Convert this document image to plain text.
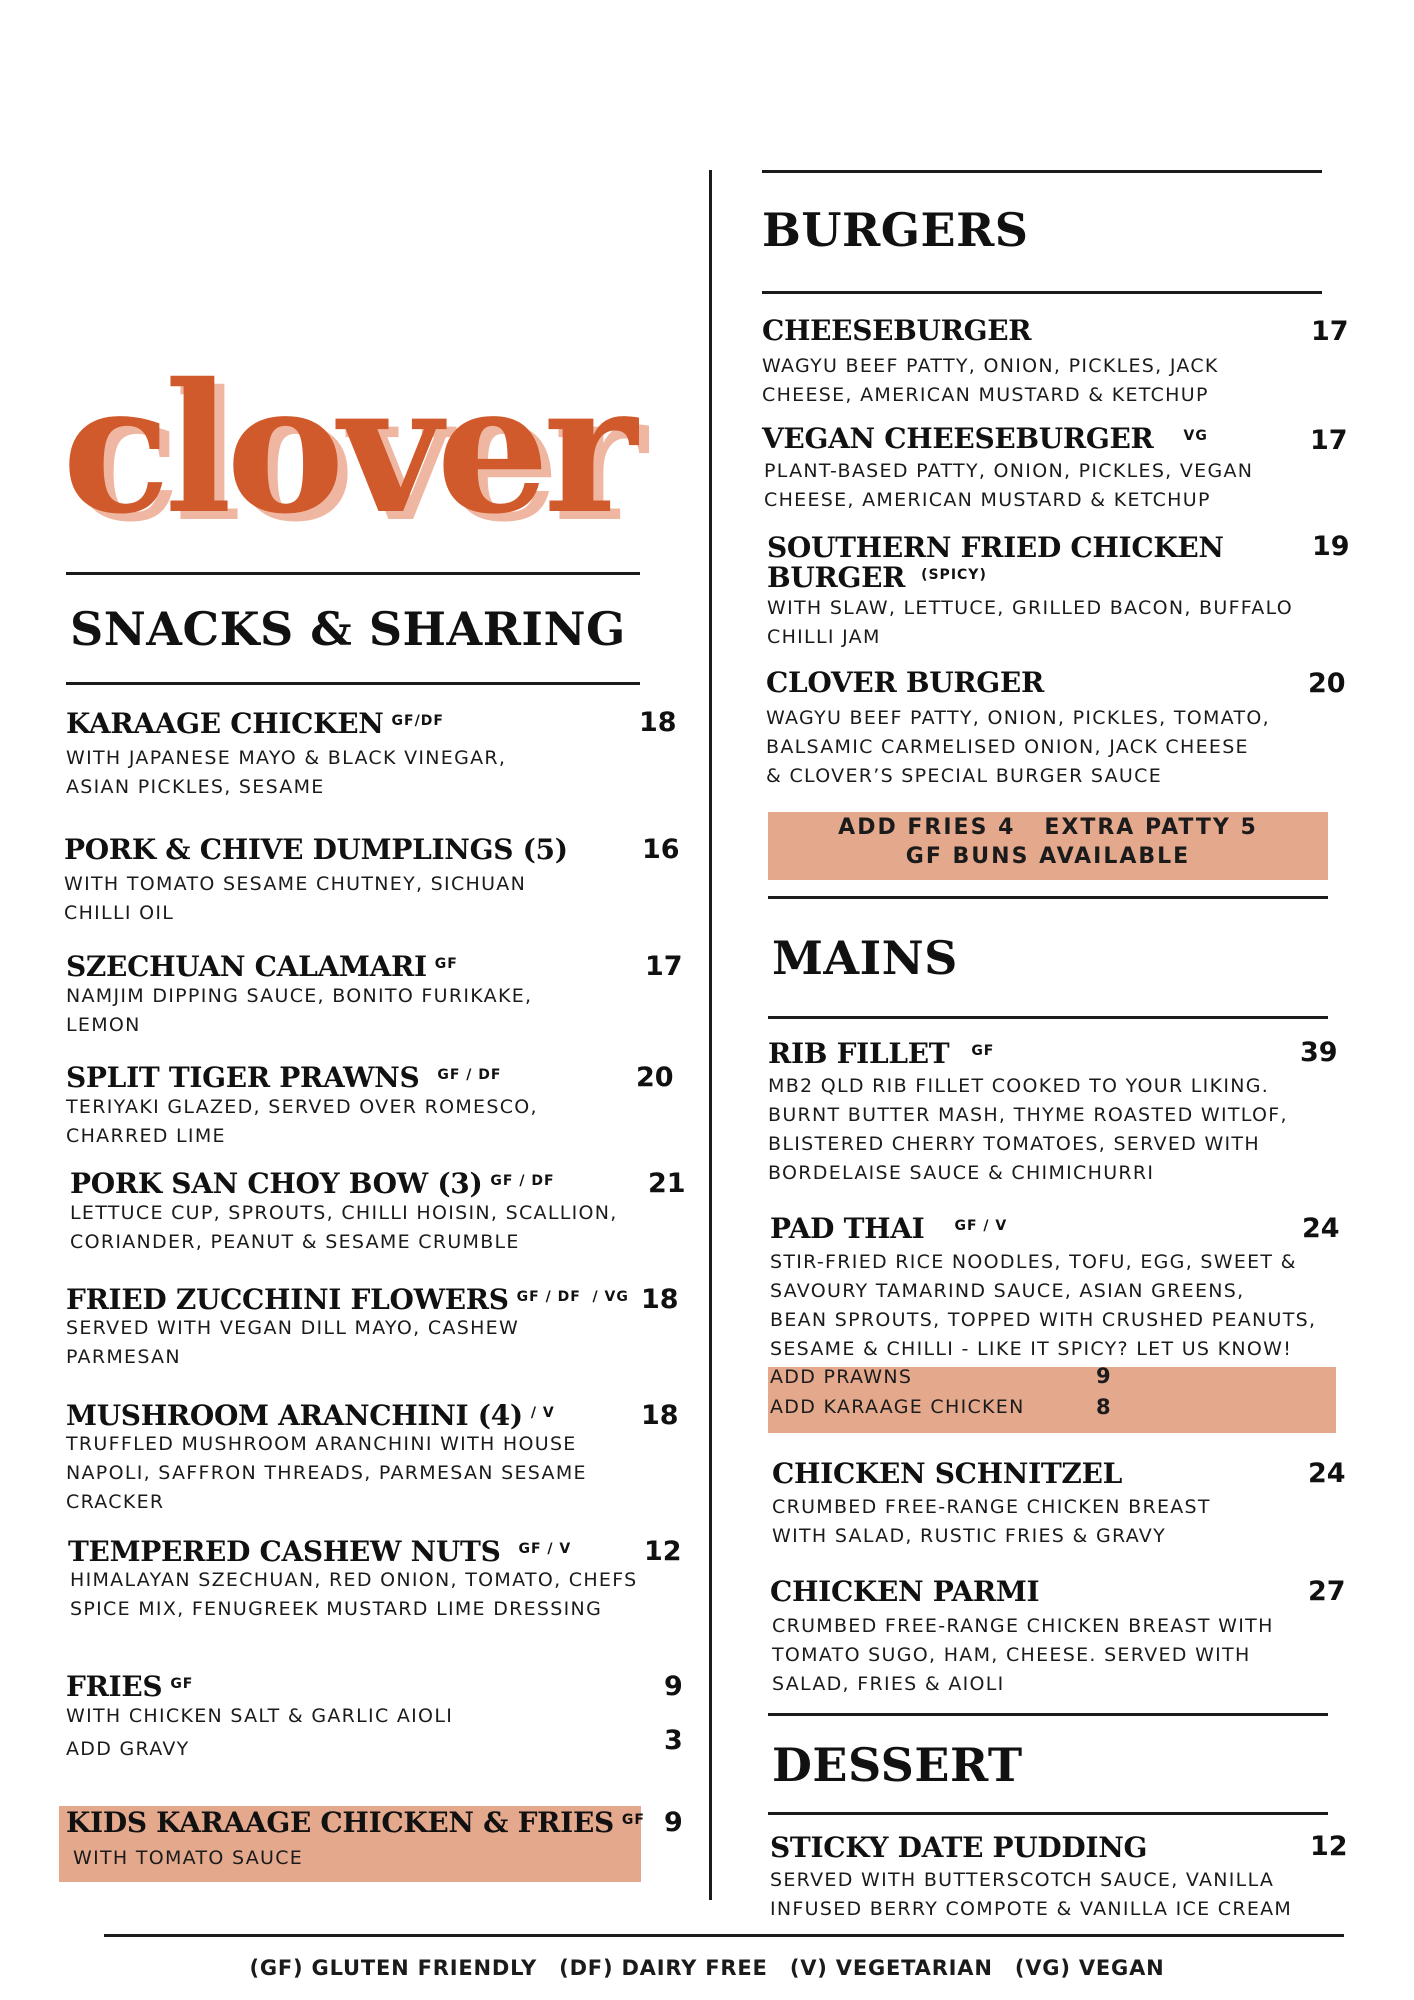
clover
SNACKS & SHARING
KARAAGE CHICKEN $^{GF/DF}$	18
WITH JAPANESE MAYO & BLACK VINEGAR,
ASIAN PICKLES, SESAME
PORK & CHIVE DUMPLINGS (5)	16
WITH TOMATO SESAME CHUTNEY, SICHUAN
CHILLI OIL
SZECHUAN CALAMARI $^{GF}$	17
NAMJIM DIPPING SAUCE, BONITO FURIKAKE,
LEMON
SPLIT TIGER PRAWNS $^{GF / DF}$	20
TERIYAKI GLAZED, SERVED OVER ROMESCO,
CHARRED LIME
PORK SAN CHOY BOW (3) $^{GF / DF}$	21
LETTUCE CUP, SPROUTS, CHILLI HOISIN, SCALLION,
CORIANDER, PEANUT & SESAME CRUMBLE
FRIED ZUCCHINI FLOWERS $^{GF / DF / VG}$ 18
SERVED WITH VEGAN DILL MAYO, CASHEW
PARMESAN
MUSHROOM ARANCHINI (4) $^{/ V}$	18
TRUFFLED MUSHROOM ARANCHINI WITH HOUSE
NAPOLI, SAFFRON THREADS, PARMESAN SESAME
CRACKER
TEMPERED CASHEW NUTS $^{GF / V}$	12
HIMALAYAN SZECHUAN, RED ONION, TOMATO, CHEFS
SPICE MIX, FENUGREEK MUSTARD LIME DRESSING
FRIES $^{GF}$	9
WITH CHICKEN SALT & GARLIC AIOLI
ADD GRAVY	3
KIDS KARAAGE CHICKEN & FRIES $^{GF}$ 9
WITH TOMATO SAUCE
BURGERS
CHEESEBURGER	17
WAGYU BEEF PATTY, ONION, PICKLES, JACK
CHEESE, AMERICAN MUSTARD & KETCHUP
VEGAN CHEESEBURGER $^{VG}$	17
PLANT-BASED PATTY, ONION, PICKLES, VEGAN
CHEESE, AMERICAN MUSTARD & KETCHUP
SOUTHERN FRIED CHICKEN
BURGER $^{(SPICY)}$
19
WITH SLAW, LETTUCE, GRILLED BACON, BUFFALO
CHILLI JAM
CLOVER BURGER	20
WAGYU BEEF PATTY, ONION, PICKLES, TOMATO,
BALSAMIC CARMELISED ONION, JACK CHEESE
& CLOVER’S SPECIAL BURGER SAUCE
ADD FRIES 4   EXTRA PATTY 5
GF BUNS AVAILABLE
MAINS
RIB FILLET $^{GF}$	39
MB2 QLD RIB FILLET COOKED TO YOUR LIKING.
BURNT BUTTER MASH, THYME ROASTED WITLOF,
BLISTERED CHERRY TOMATOES, SERVED WITH
BORDELAISE SAUCE & CHIMICHURRI
PAD THAI $^{GF / V}$	24
STIR-FRIED RICE NOODLES, TOFU, EGG, SWEET &
SAVOURY TAMARIND SAUCE, ASIAN GREENS,
BEAN SPROUTS, TOPPED WITH CRUSHED PEANUTS,
SESAME & CHILLI - LIKE IT SPICY? LET US KNOW!
ADD PRAWNS	9
ADD KARAAGE CHICKEN	8
CHICKEN SCHNITZEL	24
CRUMBED FREE-RANGE CHICKEN BREAST
WITH SALAD, RUSTIC FRIES & GRAVY
CHICKEN PARMI	27
CRUMBED FREE-RANGE CHICKEN BREAST WITH
TOMATO SUGO, HAM, CHEESE. SERVED WITH
SALAD, FRIES & AIOLI
DESSERT
STICKY DATE PUDDING	12
SERVED WITH BUTTERSCOTCH SAUCE, VANILLA
INFUSED BERRY COMPOTE & VANILLA ICE CREAM
(GF) GLUTEN FRIENDLY (DF) DAIRY FREE (V) VEGETARIAN (VG) VEGAN
